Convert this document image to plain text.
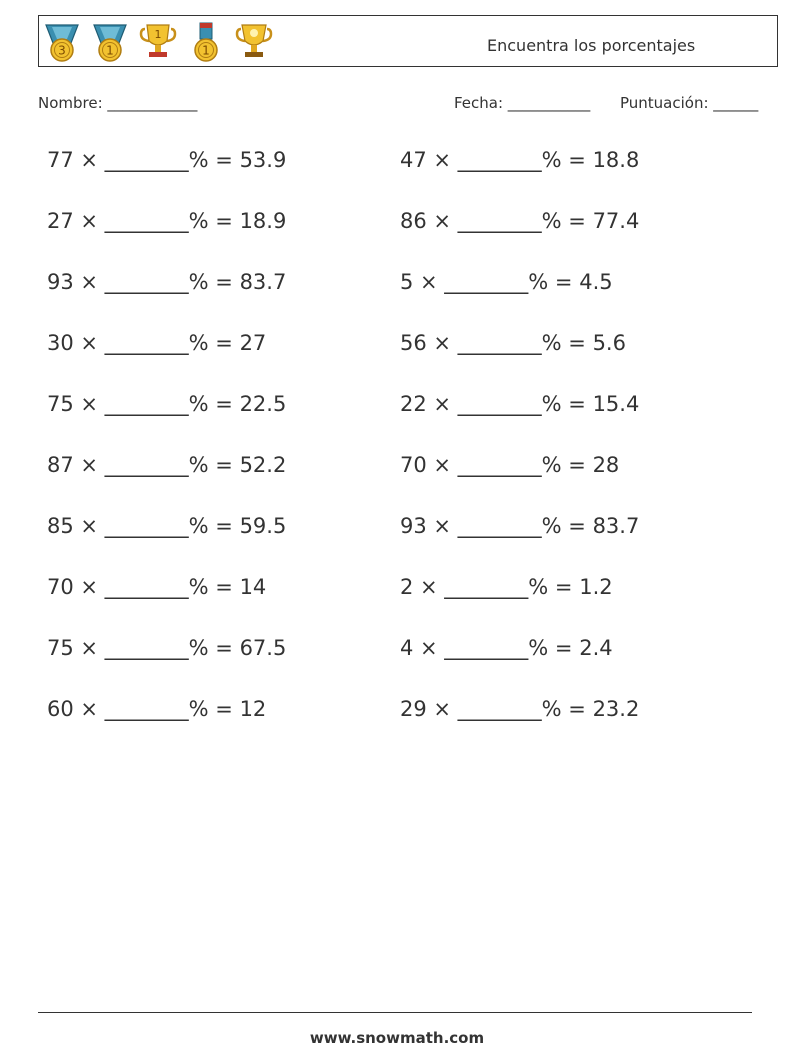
3	1
1
1	Encuentra los porcentajes
Nombre: ____________	Fecha: ___________ Puntuación: ______
77 × ________% = 53.9
27 × ________% = 18.9
93 × ________% = 83.7
30 × ________% = 27
75 × ________% = 22.5
87 × ________% = 52.2
85 × ________% = 59.5
70 × ________% = 14
75 × ________% = 67.5
60 × ________% = 12
47 × ________% = 18.8
86 × ________% = 77.4
5 × ________% = 4.5
56 × ________% = 5.6
22 × ________% = 15.4
70 × ________% = 28
93 × ________% = 83.7
2 × ________% = 1.2
4 × ________% = 2.4
29 × ________% = 23.2
www.snowmath.com
